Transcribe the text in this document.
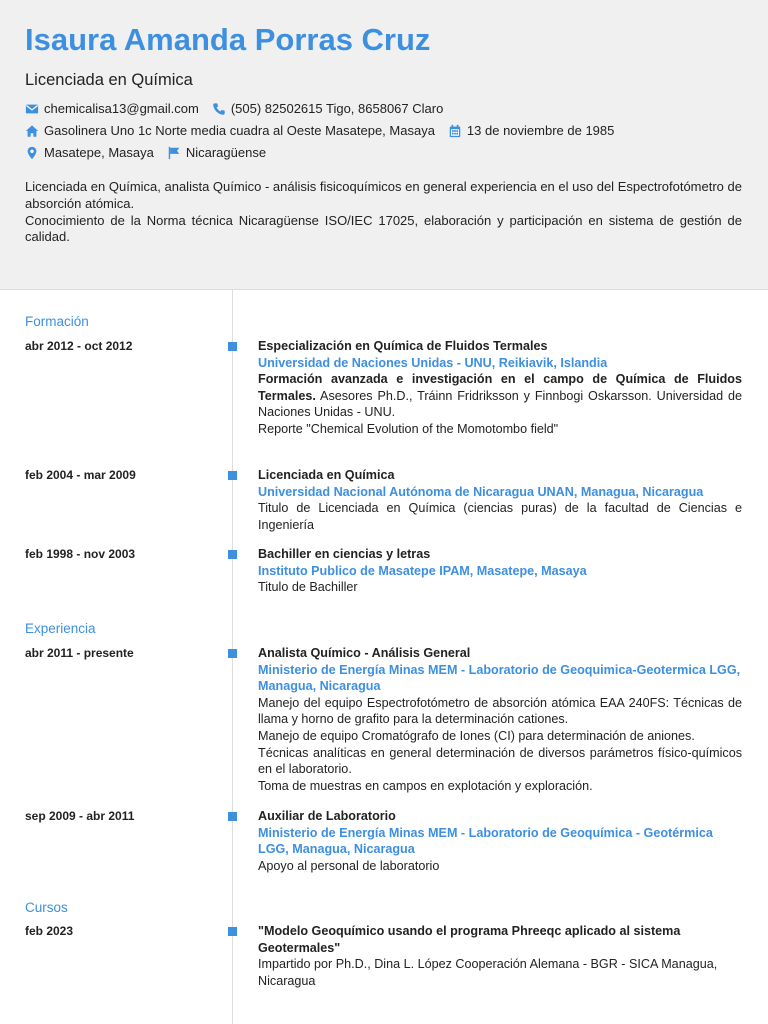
Isaura Amanda Porras Cruz
Licenciada en Química
chemicalisa13@gmail.com (505) 82502615 Tigo, 8658067 Claro
Gasolinera Uno 1c Norte media cuadra al Oeste Masatepe, Masaya 13 de noviembre de 1985
Masatepe, Masaya Nicaragüense

Licenciada en Química, analista Químico - análisis fisicoquímicos en general experiencia en el uso del Espectrofotómetro de absorción atómica.

Conocimiento de la Norma técnica Nicaragüense ISO/IEC 17025, elaboración y participación en sistema de gestión de calidad.

Formación
abr 2012 - oct 2012	Especialización en Química de Fluidos Termales
Universidad de Naciones Unidas - UNU, Reikiavik, Islandia

Formación avanzada e investigación en el campo de Química de Fluidos Termales. Asesores Ph.D., Tráinn Fridriksson y Finnbogi Oskarsson. Universidad de Naciones Unidas - UNU.

Reporte "Chemical Evolution of the Momotombo field"

feb 2004 - mar 2009	Licenciada en Química
Universidad Nacional Autónoma de Nicaragua UNAN, Managua, Nicaragua

Titulo de Licenciada en Química (ciencias puras) de la facultad de Ciencias e Ingeniería

feb 1998 - nov 2003	Bachiller en ciencias y letras
Instituto Publico de Masatepe IPAM, Masatepe, Masaya

Titulo de Bachiller

Experiencia
abr 2011 - presente	Analista Químico - Análisis General
Ministerio de Energía Minas MEM - Laboratorio de Geoquimica-Geotermica LGG, Managua, Nicaragua

Manejo del equipo Espectrofotómetro de absorción atómica EAA 240FS: Técnicas de llama y horno de grafito para la determinación cationes.

Manejo de equipo Cromatógrafo de Iones (CI) para determinación de aniones.

Técnicas analíticas en general determinación de diversos parámetros físico-químicos en el laboratorio.

Toma de muestras en campos en explotación y exploración.

sep 2009 - abr 2011	Auxiliar de Laboratorio
Ministerio de Energía Minas MEM - Laboratorio de Geoquímica - Geotérmica LGG, Managua, Nicaragua

Apoyo al personal de laboratorio

Cursos
feb 2023	"Modelo Geoquímico usando el programa Phreeqc aplicado al sistema Geotermales"

Impartido por Ph.D., Dina L. López Cooperación Alemana - BGR - SICA Managua, Nicaragua
